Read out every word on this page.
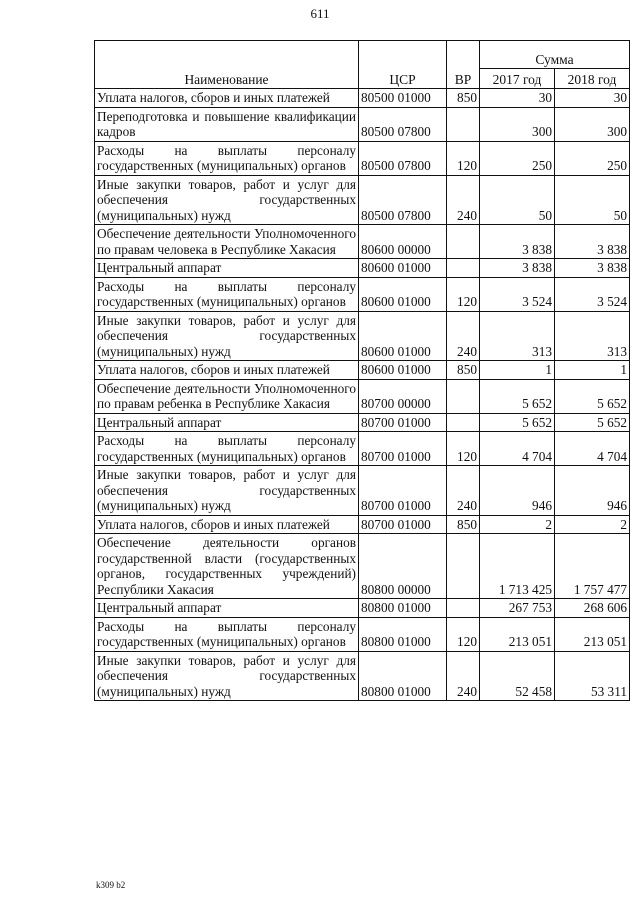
611
Наименование	ЦСР	ВР	Сумма	
			2017 год	2018 год
Уплата налогов, сборов и иных платежей	80500 01000	850	30	30
Переподготовка и повышение квалификации кадров	80500 07800		300	300
Расходы на выплаты персоналу государственных (муниципальных) органов	80500 07800	120	250	250
Иные закупки товаров, работ и услуг для обеспечения государственных (муниципальных) нужд	80500 07800	240	50	50
Обеспечение деятельности Уполномоченного по правам человека в Республике Хакасия	80600 00000		3 838	3 838
Центральный аппарат	80600 01000		3 838	3 838
Расходы на выплаты персоналу государственных (муниципальных) органов	80600 01000	120	3 524	3 524
Иные закупки товаров, работ и услуг для обеспечения государственных (муниципальных) нужд	80600 01000	240	313	313
Уплата налогов, сборов и иных платежей	80600 01000	850	1	1
Обеспечение деятельности Уполномоченного по правам ребенка в Республике Хакасия	80700 00000		5 652	5 652
Центральный аппарат	80700 01000		5 652	5 652
Расходы на выплаты персоналу государственных (муниципальных) органов	80700 01000	120	4 704	4 704
Иные закупки товаров, работ и услуг для обеспечения государственных (муниципальных) нужд	80700 01000	240	946	946
Уплата налогов, сборов и иных платежей	80700 01000	850	2	2
Обеспечение деятельности органов государственной власти (государственных органов, государственных учреждений) Республики Хакасия	80800 00000		1 713 425	1 757 477
Центральный аппарат	80800 01000		267 753	268 606
Расходы на выплаты персоналу государственных (муниципальных) органов	80800 01000	120	213 051	213 051
Иные закупки товаров, работ и услуг для обеспечения государственных (муниципальных) нужд	80800 01000	240	52 458	53 311
k309 b2
